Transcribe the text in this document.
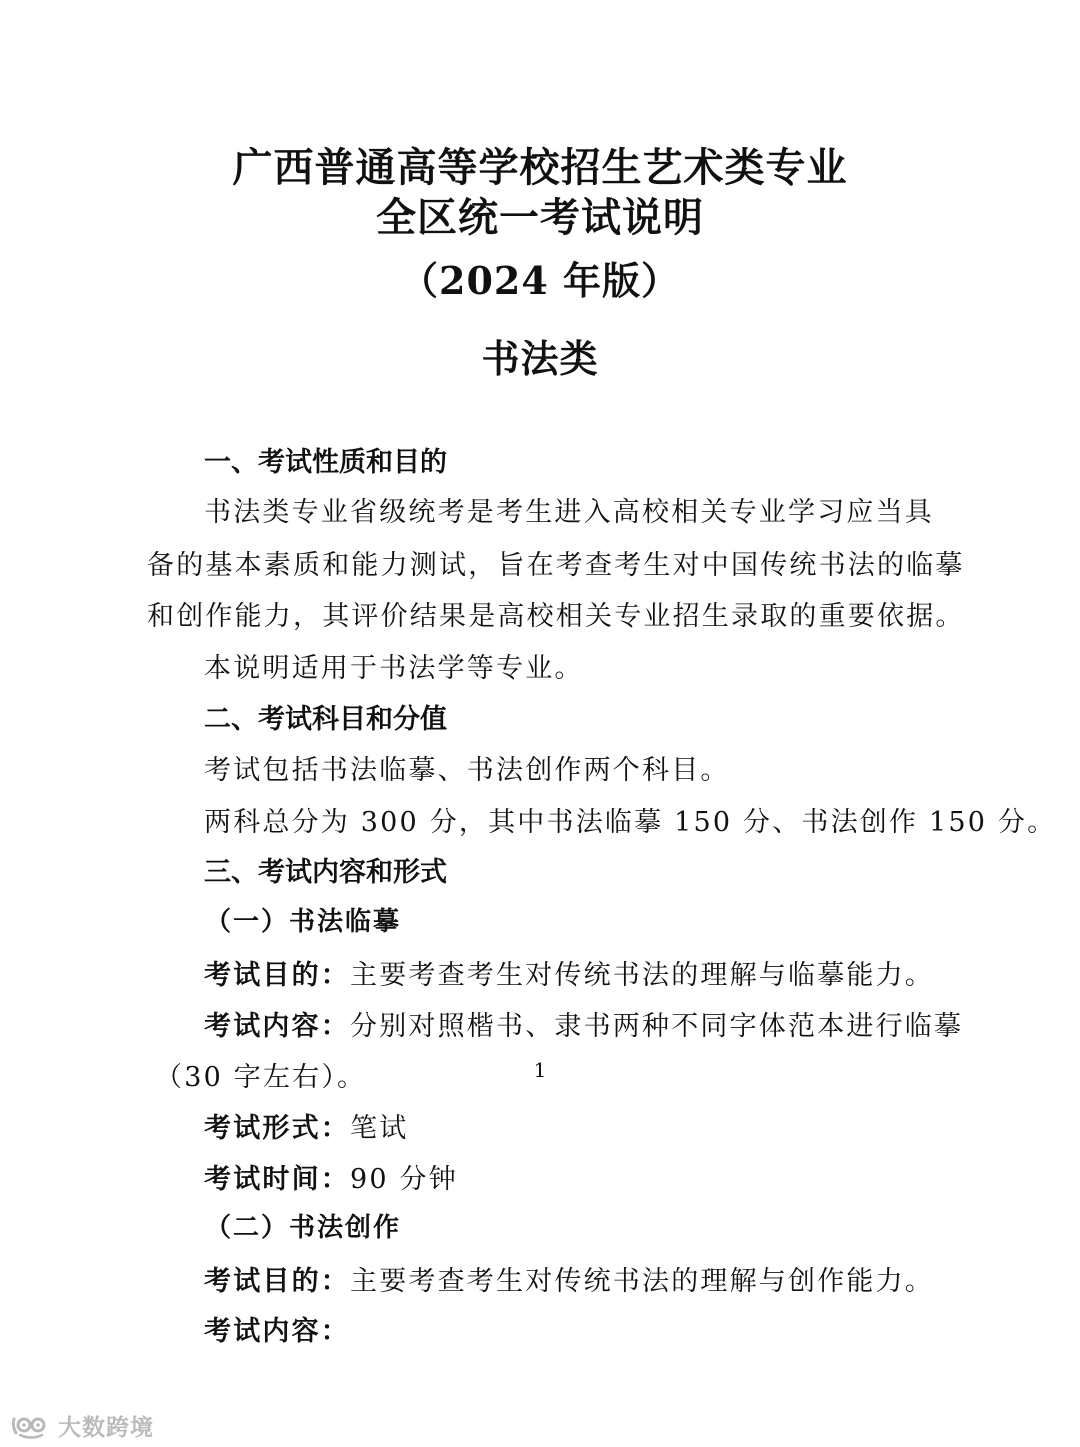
广西普通高等学校招生艺术类专业
全区统一考试说明
（2024 年版）
书法类
一、考试性质和目的
书法类专业省级统考是考生进入高校相关专业学习应当具
备的基本素质和能力测试，旨在考查考生对中国传统书法的临摹
和创作能力，其评价结果是高校相关专业招生录取的重要依据。
本说明适用于书法学等专业。
二、考试科目和分值
考试包括书法临摹、书法创作两个科目。
两科总分为 300 分，其中书法临摹 150 分、书法创作 150 分。
三、考试内容和形式
（一）书法临摹
考试目的：主要考查考生对传统书法的理解与临摹能力。
考试内容：分别对照楷书、隶书两种不同字体范本进行临摹
（30 字左右）。
考试形式：笔试
考试时间：90 分钟
（二）书法创作
考试目的：主要考查考生对传统书法的理解与创作能力。
考试内容：
1
大数跨境
